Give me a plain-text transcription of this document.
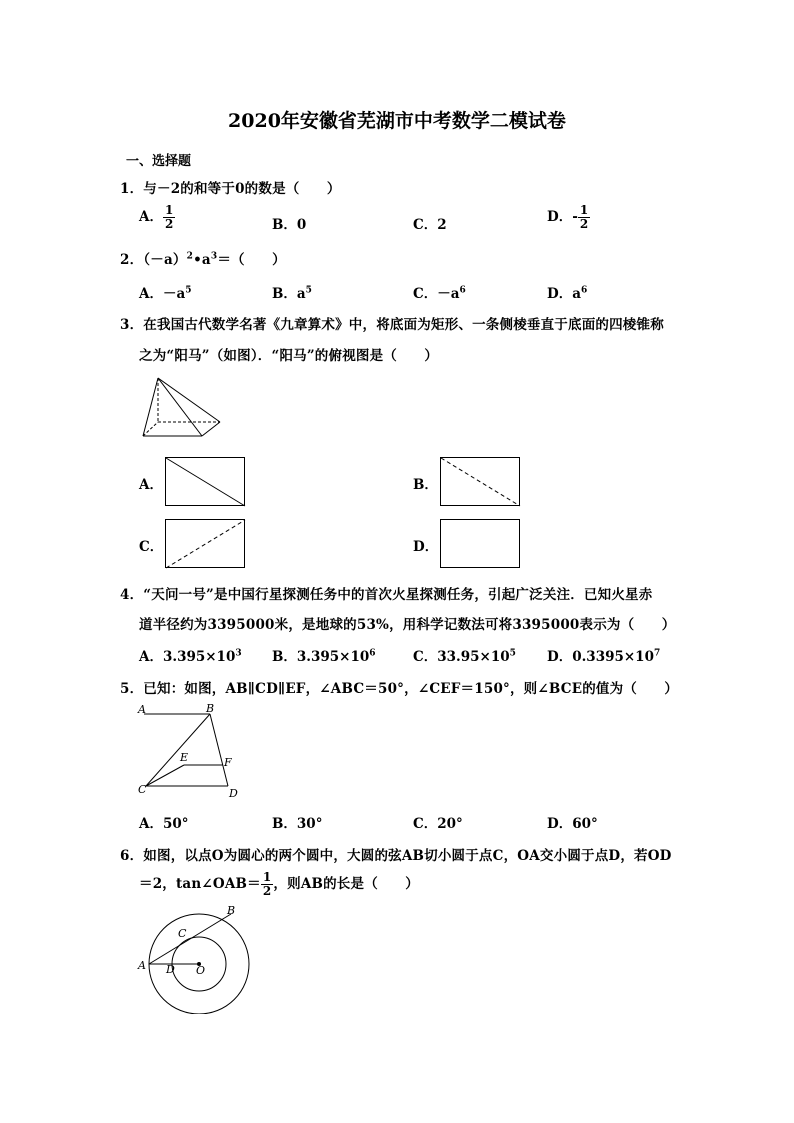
2020年安徽省芜湖市中考数学二模试卷
一、选择题
1．与－2的和等于0的数是（　　）
A． $\frac{1}{2}$	B．0	C．2	D．- $\frac{1}{2}$
2．$(-a)^2•a^3=$（　　）
A．$-a^5$	B．$a^5$	C．$-a^6$	D．$a^6$
3．在我国古代数学名著《九章算术》中，将底面为矩形、一条侧棱垂直于底面的四棱锥称
之为“阳马”（如图）．“阳马”的俯视图是（　　）
A．	B．
C．	D．
4．“天问一号”是中国行星探测任务中的首次火星探测任务，引起广泛关注．已知火星赤
道半径约为3395000米，是地球的53%，用科学记数法可将3395000表示为（　　）
A．$3.395\times 10^3$ B．$3.395\times 10^6$	C．$33.95\times 10^5$ D．$0.3395\times 10^7$
5．已知：如图，AB∥CD∥EF，∠ABC＝50°，∠CEF＝150°，则∠BCE的值为（　　）
A	B
C	D
E	F
A．50°	B．30°	C．20°	D．60°
6．如图，以点O为圆心的两个圆中，大圆的弦AB切小圆于点C，OA交小圆于点D，若OD
＝2，tan∠OAB＝ $\frac{1}{2}$ ，则AB的长是（　　）
A
B
C
D O
